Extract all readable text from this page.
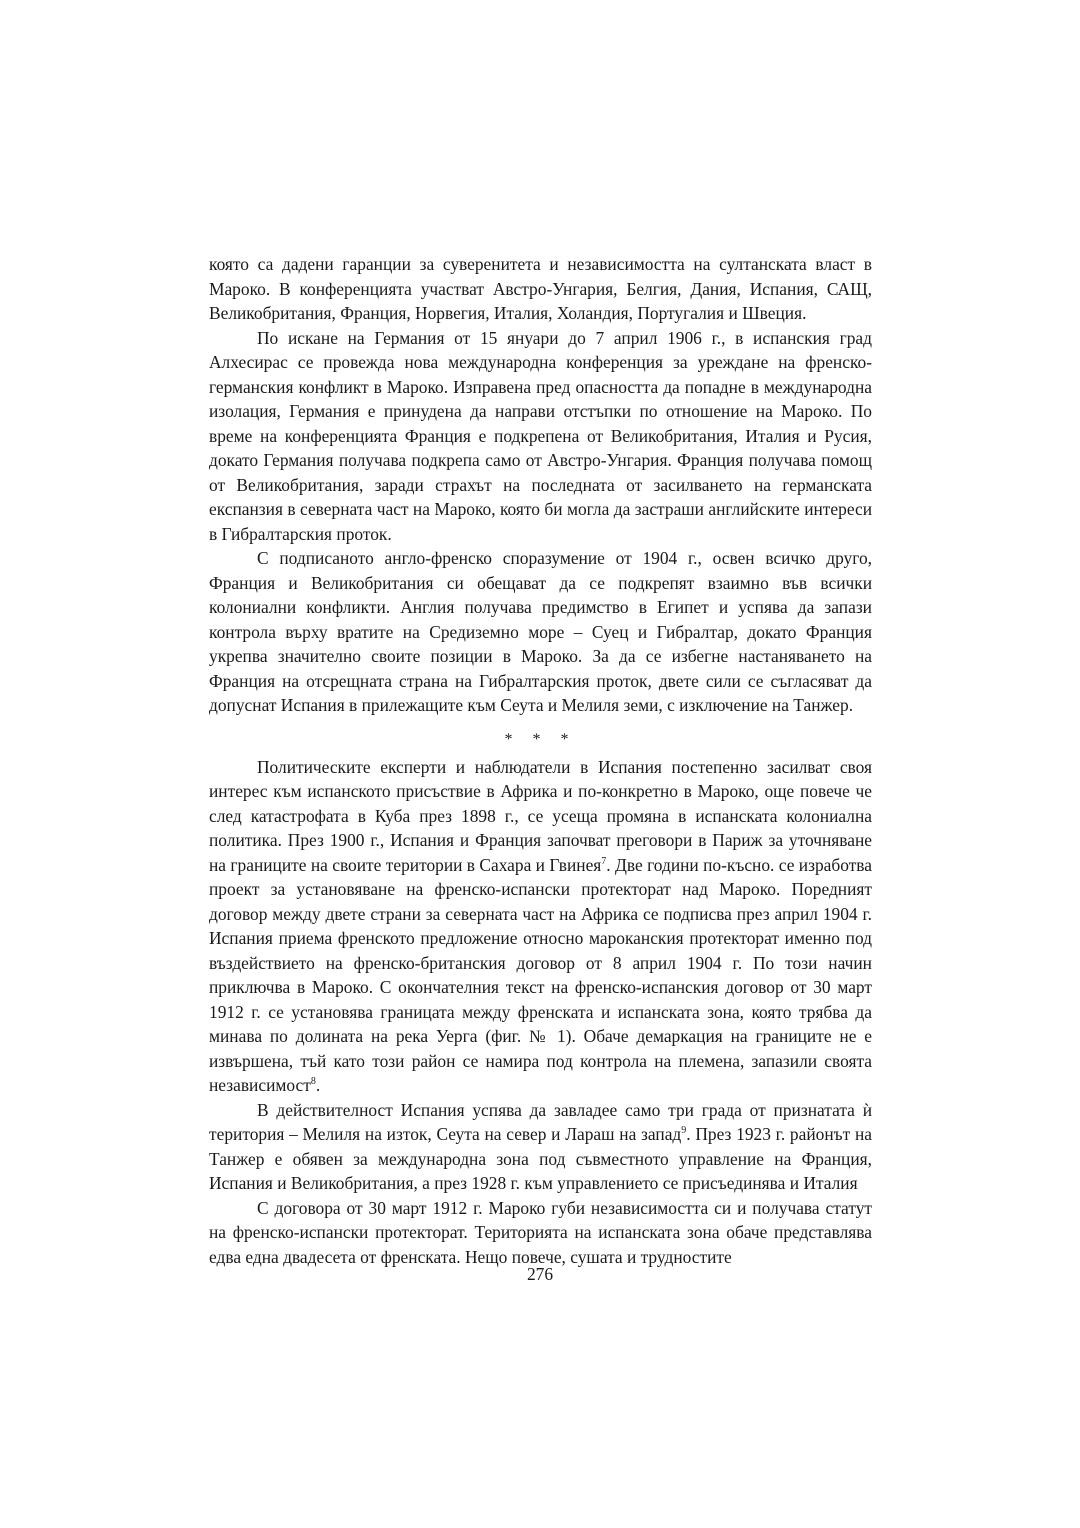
която са дадени гаранции за суверенитета и независимостта на султанската власт в Мароко. В конференцията участват Австро-Унгария, Белгия, Дания, Испания, САЩ, Великобритания, Франция, Норвегия, Италия, Холандия, Португалия и Швеция.

По искане на Германия от 15 януари до 7 април 1906 г., в испанския град Алхесирас се провежда нова международна конференция за уреждане на френско-германския конфликт в Мароко. Изправена пред опасността да попадне в международна изолация, Германия е принудена да направи отстъпки по отношение на Мароко. По време на конференцията Франция е подкрепена от Великобритания, Италия и Русия, докато Германия получава подкрепа само от Австро-Унгария. Франция получава помощ от Великобритания, заради страхът на последната от засилването на германската експанзия в северната част на Мароко, която би могла да застраши английските интереси в Гибралтарския проток.

С подписаното англо-френско споразумение от 1904 г., освен всичко друго, Франция и Великобритания си обещават да се подкрепят взаимно във всички колониални конфликти. Англия получава предимство в Египет и успява да запази контрола върху вратите на Средиземно море – Суец и Гибралтар, докато Франция укрепва значително своите позиции в Мароко. За да се избегне настаняването на Франция на отсрещната страна на Гибралтарския проток, двете сили се съгласяват да допуснат Испания в прилежащите към Сеута и Мелиля земи, с изключение на Танжер.

* * *

Политическите експерти и наблюдатели в Испания постепенно засилват своя интерес към испанското присъствие в Африка и по-конкретно в Мароко, още повече че след катастрофата в Куба през 1898 г., се усеща промяна в испанската колониална политика. През 1900 г., Испания и Франция започват преговори в Париж за уточняване на границите на своите територии в Сахара и Гвинея$^7$. Две години по-късно. се изработва проект за установяване на френско-испански протекторат над Мароко. Поредният договор между двете страни за северната част на Африка се подписва през април 1904 г. Испания приема френското предложение относно мароканския протекторат именно под въздействието на френско-британския договор от 8 април 1904 г. По този начин приключва в Мароко. С окончателния текст на френско-испанския договор от 30 март 1912 г. се установява границата между френската и испанската зона, която трябва да минава по долината на река Уерга (фиг. № 1). Обаче демаркация на границите не е извършена, тъй като този район се намира под контрола на племена, запазили своята независимост$^8$.

В действителност Испания успява да завладее само три града от признатата ѝ територия – Мелиля на изток, Сеута на север и Лараш на запад$^9$. През 1923 г. районът на Танжер е обявен за международна зона под съвместното управление на Франция, Испания и Великобритания, а през 1928 г. към управлението се присъединява и Италия

С договора от 30 март 1912 г. Мароко губи независимостта си и получава статут на френско-испански протекторат. Територията на испанската зона обаче представлява едва една двадесета от френската. Нещо повече, сушата и трудностите

276
